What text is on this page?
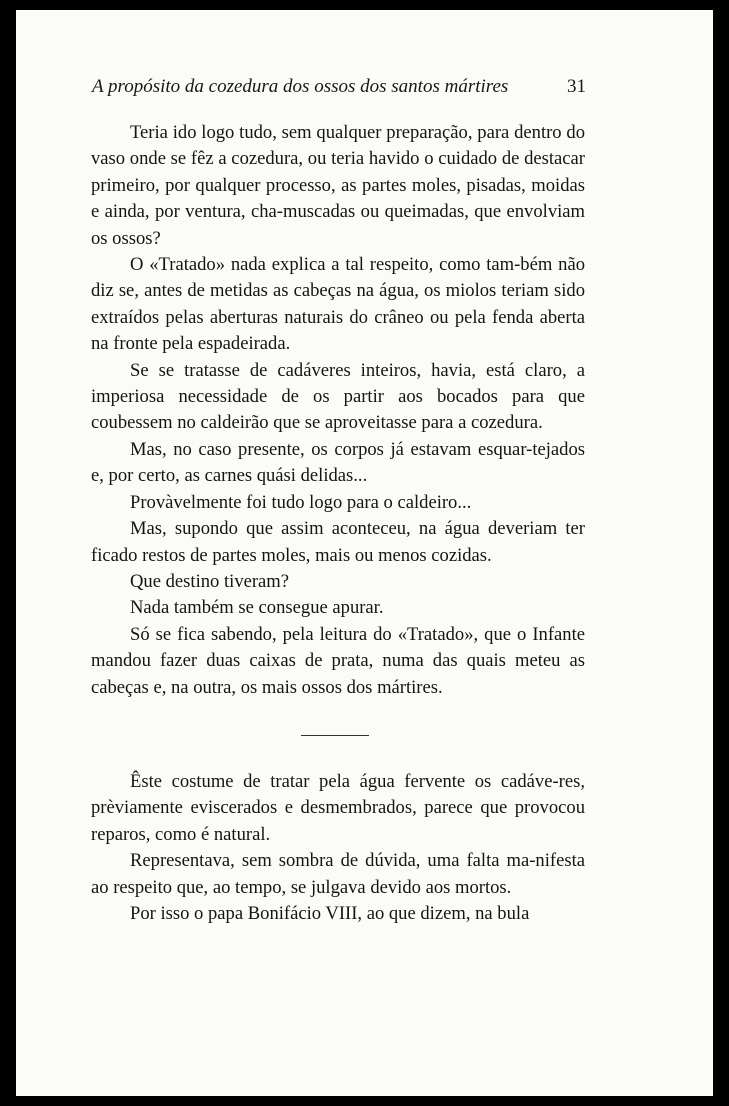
A propósito da cozedura dos ossos dos santos mártires	31

Teria ido logo tudo, sem qualquer preparação, para dentro do vaso onde se fêz a cozedura, ou teria havido o cuidado de destacar primeiro, por qualquer processo, as partes moles, pisadas, moidas e ainda, por ventura, cha-muscadas ou queimadas, que envolviam os ossos?

O «Tratado» nada explica a tal respeito, como tam-bém não diz se, antes de metidas as cabeças na água, os miolos teriam sido extraídos pelas aberturas naturais do crâneo ou pela fenda aberta na fronte pela espadeirada.

Se se tratasse de cadáveres inteiros, havia, está claro, a imperiosa necessidade de os partir aos bocados para que coubessem no caldeirão que se aproveitasse para a cozedura.

Mas, no caso presente, os corpos já estavam esquar-tejados e, por certo, as carnes quási delidas...

Provàvelmente foi tudo logo para o caldeiro...

Mas, supondo que assim aconteceu, na água deveriam ter ficado restos de partes moles, mais ou menos cozidas.

Que destino tiveram?

Nada também se consegue apurar.

Só se fica sabendo, pela leitura do «Tratado», que o Infante mandou fazer duas caixas de prata, numa das quais meteu as cabeças e, na outra, os mais ossos dos mártires.

Êste costume de tratar pela água fervente os cadáve-res, prèviamente eviscerados e desmembrados, parece que provocou reparos, como é natural.

Representava, sem sombra de dúvida, uma falta ma-nifesta ao respeito que, ao tempo, se julgava devido aos mortos.

Por isso o papa Bonifácio VIII, ao que dizem, na bula
